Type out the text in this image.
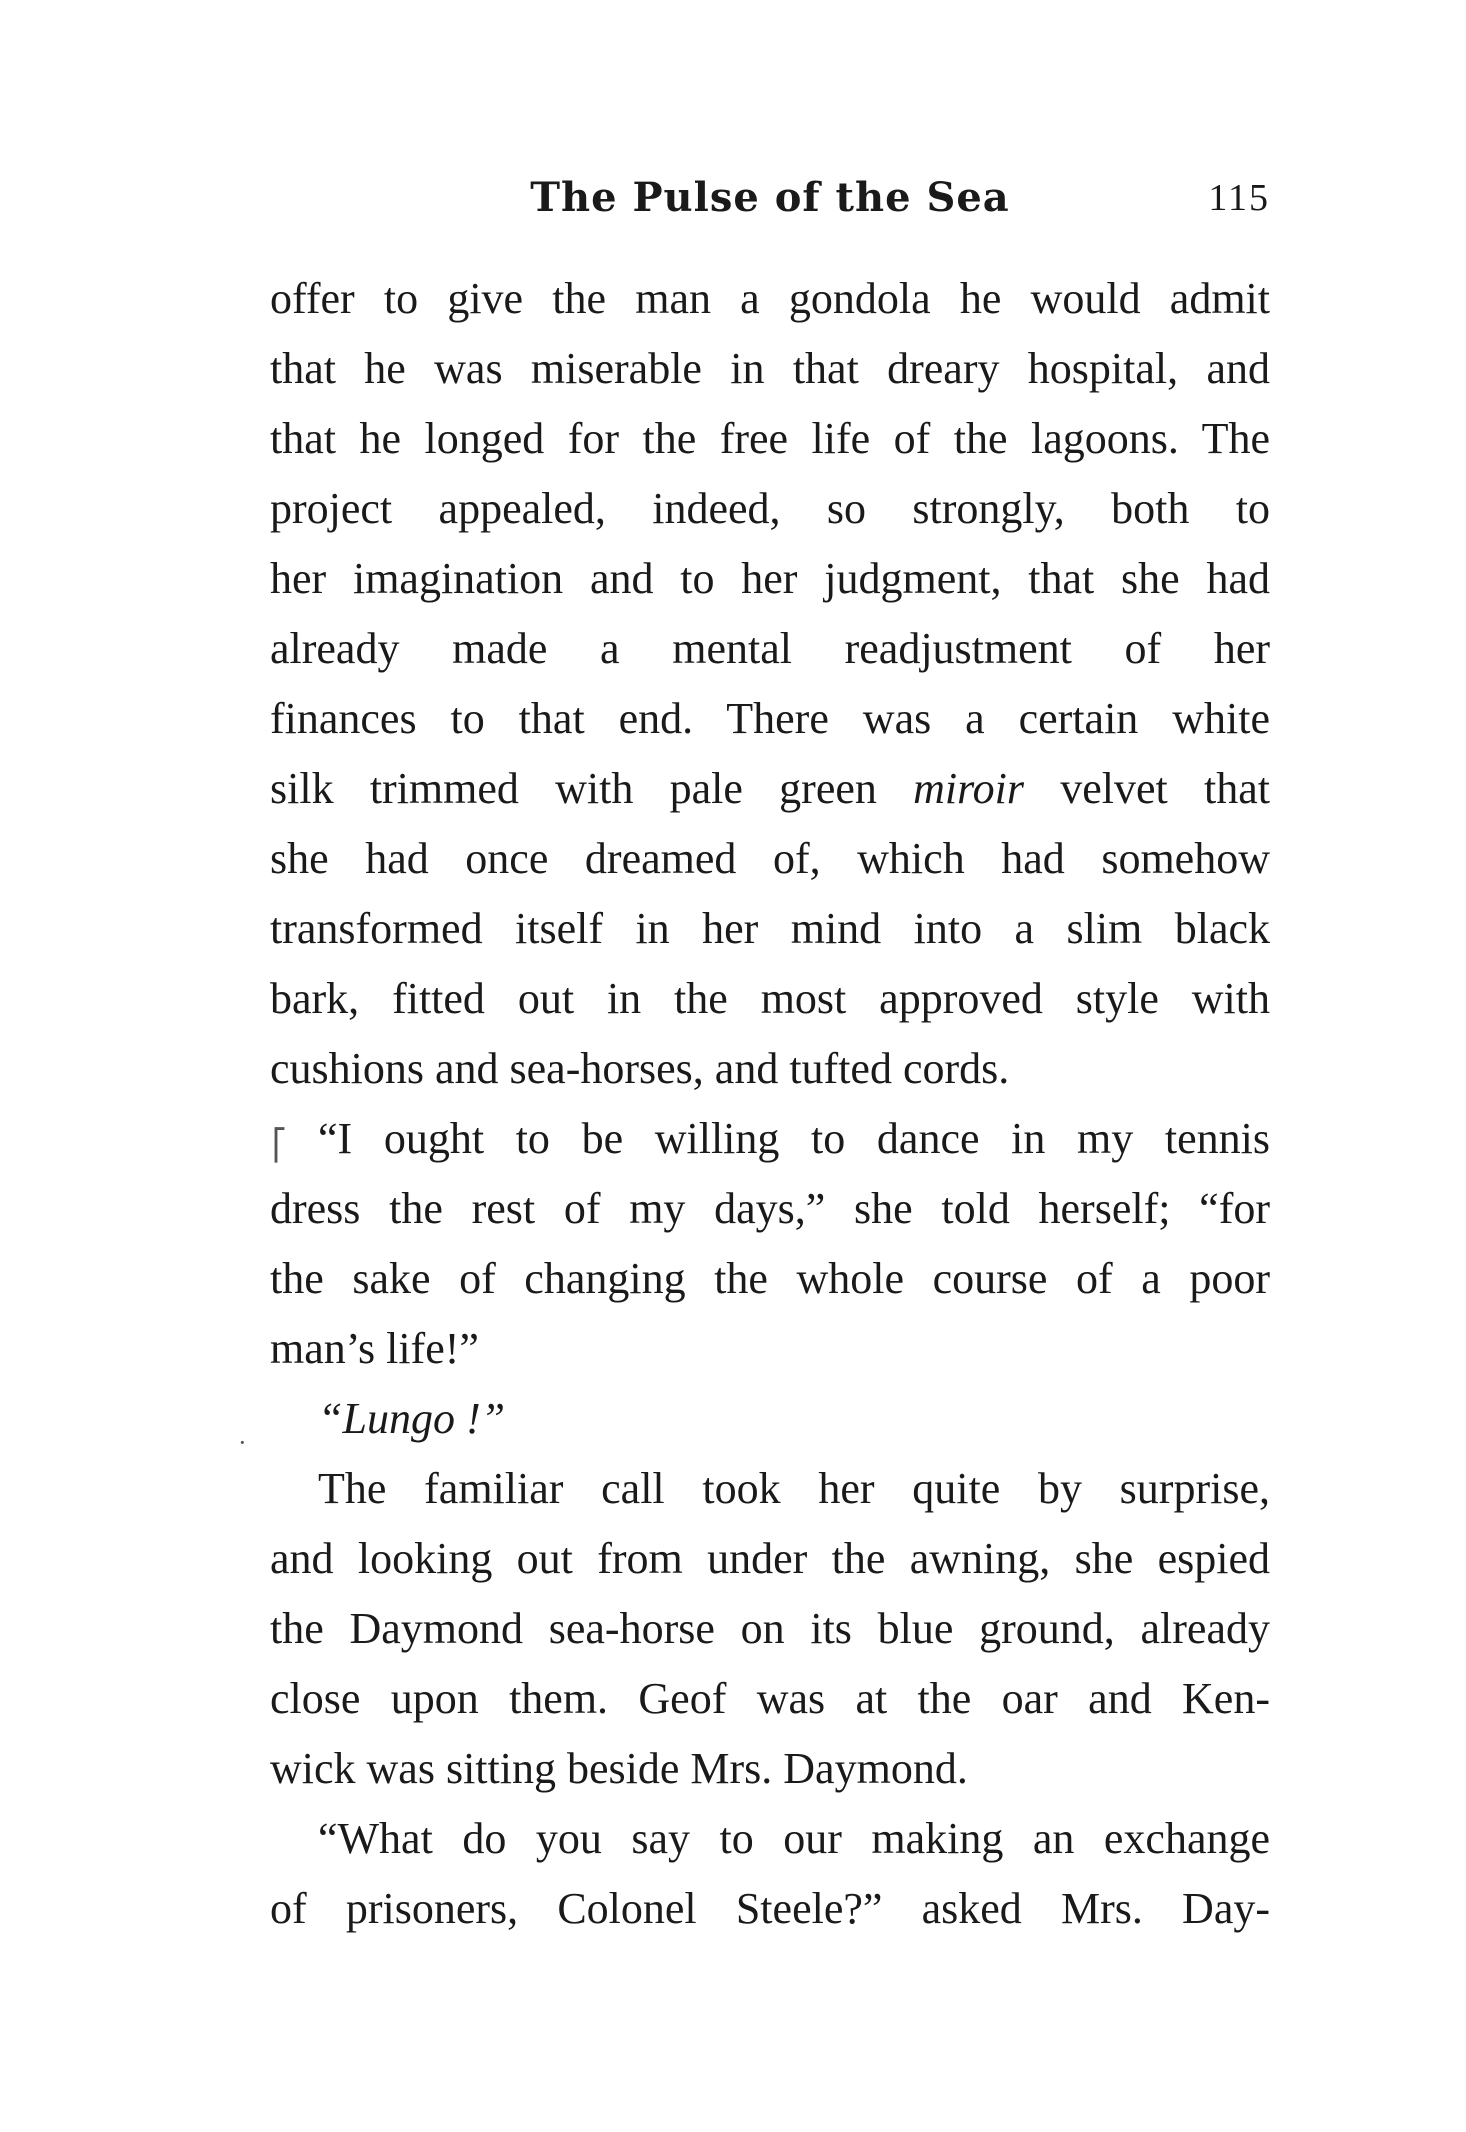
The Pulse of the Sea	115
⎡
·
offer to give the man a gondola he would admit
that he was miserable in that dreary hospital, and
that he longed for the free life of the lagoons. The
project appealed, indeed, so strongly, both to
her imagination and to her judgment, that she had
already made a mental readjustment of her
finances to that end. There was a certain white
silk trimmed with pale green miroir velvet that
she had once dreamed of, which had somehow
transformed itself in her mind into a slim black
bark, fitted out in the most approved style with
cushions and sea-horses, and tufted cords.
“I ought to be willing to dance in my tennis
dress the rest of my days,” she told herself; “for
the sake of changing the whole course of a poor
man’s life!”
“Lungo !”
The familiar call took her quite by surprise,
and looking out from under the awning, she espied
the Daymond sea-horse on its blue ground, already
close upon them. Geof was at the oar and Ken-
wick was sitting beside Mrs. Daymond.
“What do you say to our making an exchange
of prisoners, Colonel Steele?” asked Mrs. Day-
